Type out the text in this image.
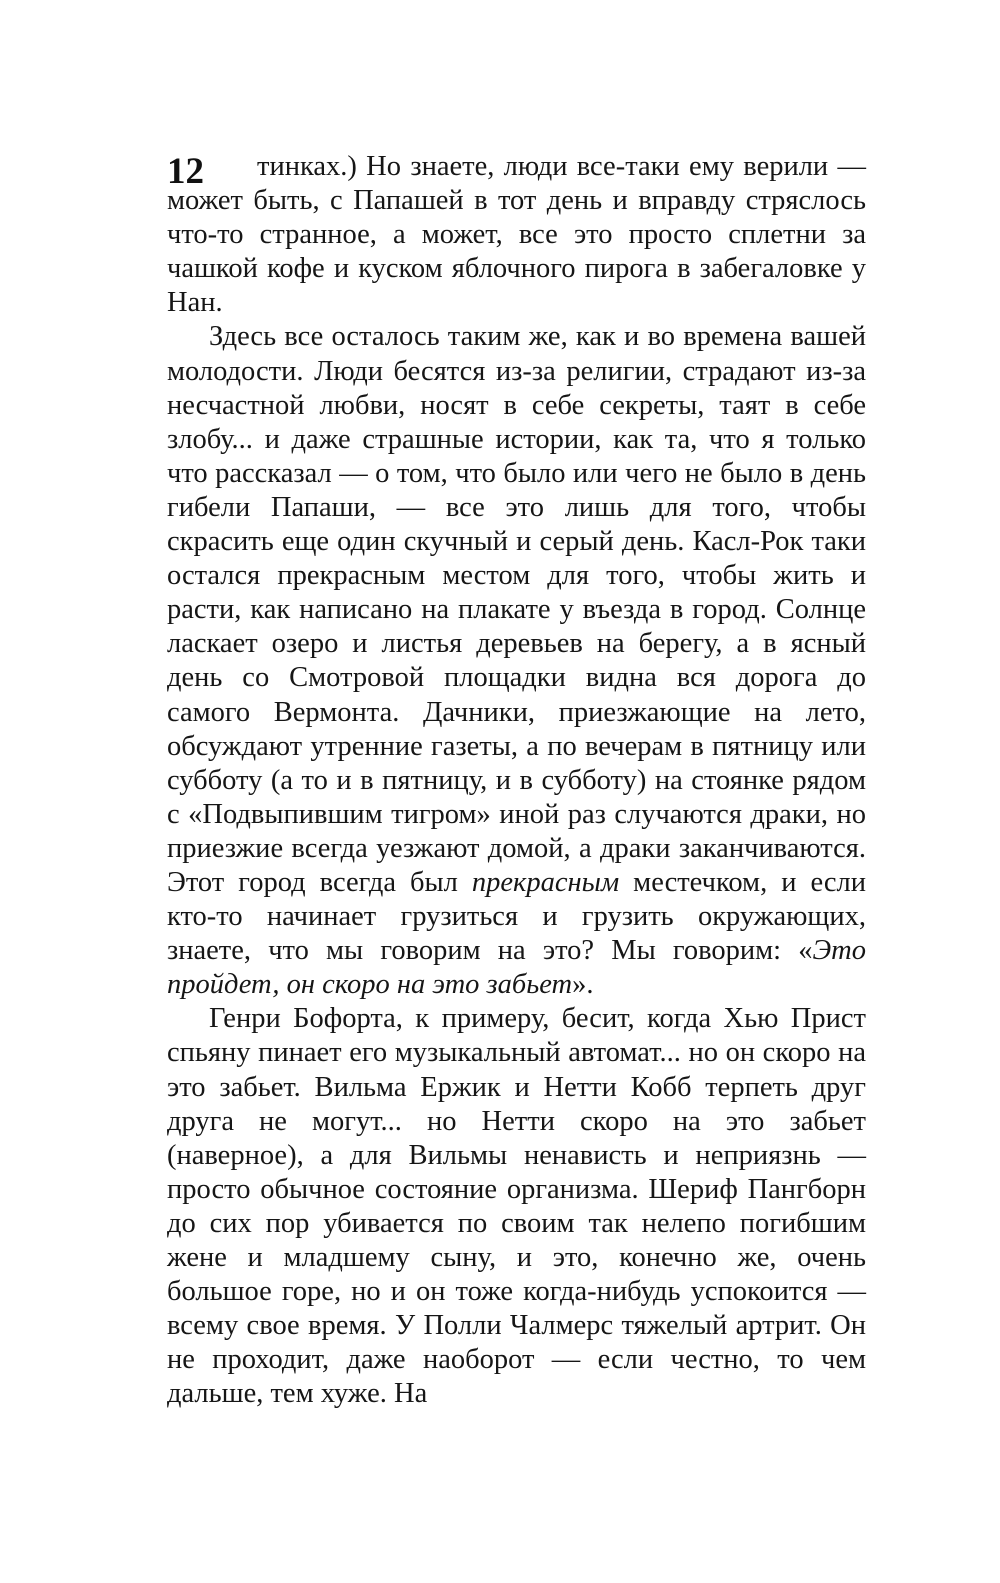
12	тинках.) Но знаете, люди все-таки ему верили — может быть, с Папашей в тот день и вправду стряслось что-то странное, а может, все это просто сплетни за чашкой кофе и куском яблочного пирога в забегаловке у Нан.

Здесь все осталось таким же, как и во времена вашей молодости. Люди бесятся из-за религии, страдают из-за несчастной любви, носят в себе секреты, таят в себе злобу... и даже страшные истории, как та, что я только что рассказал — о том, что было или чего не было в день гибели Папаши, — все это лишь для того, чтобы скрасить еще один скучный и серый день. Касл-Рок таки остался прекрасным местом для того, чтобы жить и расти, как написано на плакате у въезда в город. Солнце ласкает озеро и листья деревьев на берегу, а в ясный день со Смотровой площадки видна вся дорога до самого Вермонта. Дачники, приезжающие на лето, обсуждают утренние газеты, а по вечерам в пятницу или субботу (а то и в пятницу, и в субботу) на стоянке рядом с «Подвыпившим тигром» иной раз случаются драки, но приезжие всегда уезжают домой, а драки заканчиваются. Этот город всегда был прекрасным местечком, и если кто-то начинает грузиться и грузить окружающих, знаете, что мы говорим на это? Мы говорим: «Это пройдет, он скоро на это забьет».

Генри Бофорта, к примеру, бесит, когда Хью Прист спьяну пинает его музыкальный автомат... но он скоро на это забьет. Вильма Ержик и Нетти Кобб терпеть друг друга не могут... но Нетти скоро на это забьет (наверное), а для Вильмы ненависть и неприязнь — просто обычное состояние организма. Шериф Пангборн до сих пор убивается по своим так нелепо погибшим жене и младшему сыну, и это, конечно же, очень большое горе, но и он тоже когда-нибудь успокоится — всему свое время. У Полли Чалмерс тяжелый артрит. Он не проходит, даже наоборот — если честно, то чем дальше, тем хуже. На
